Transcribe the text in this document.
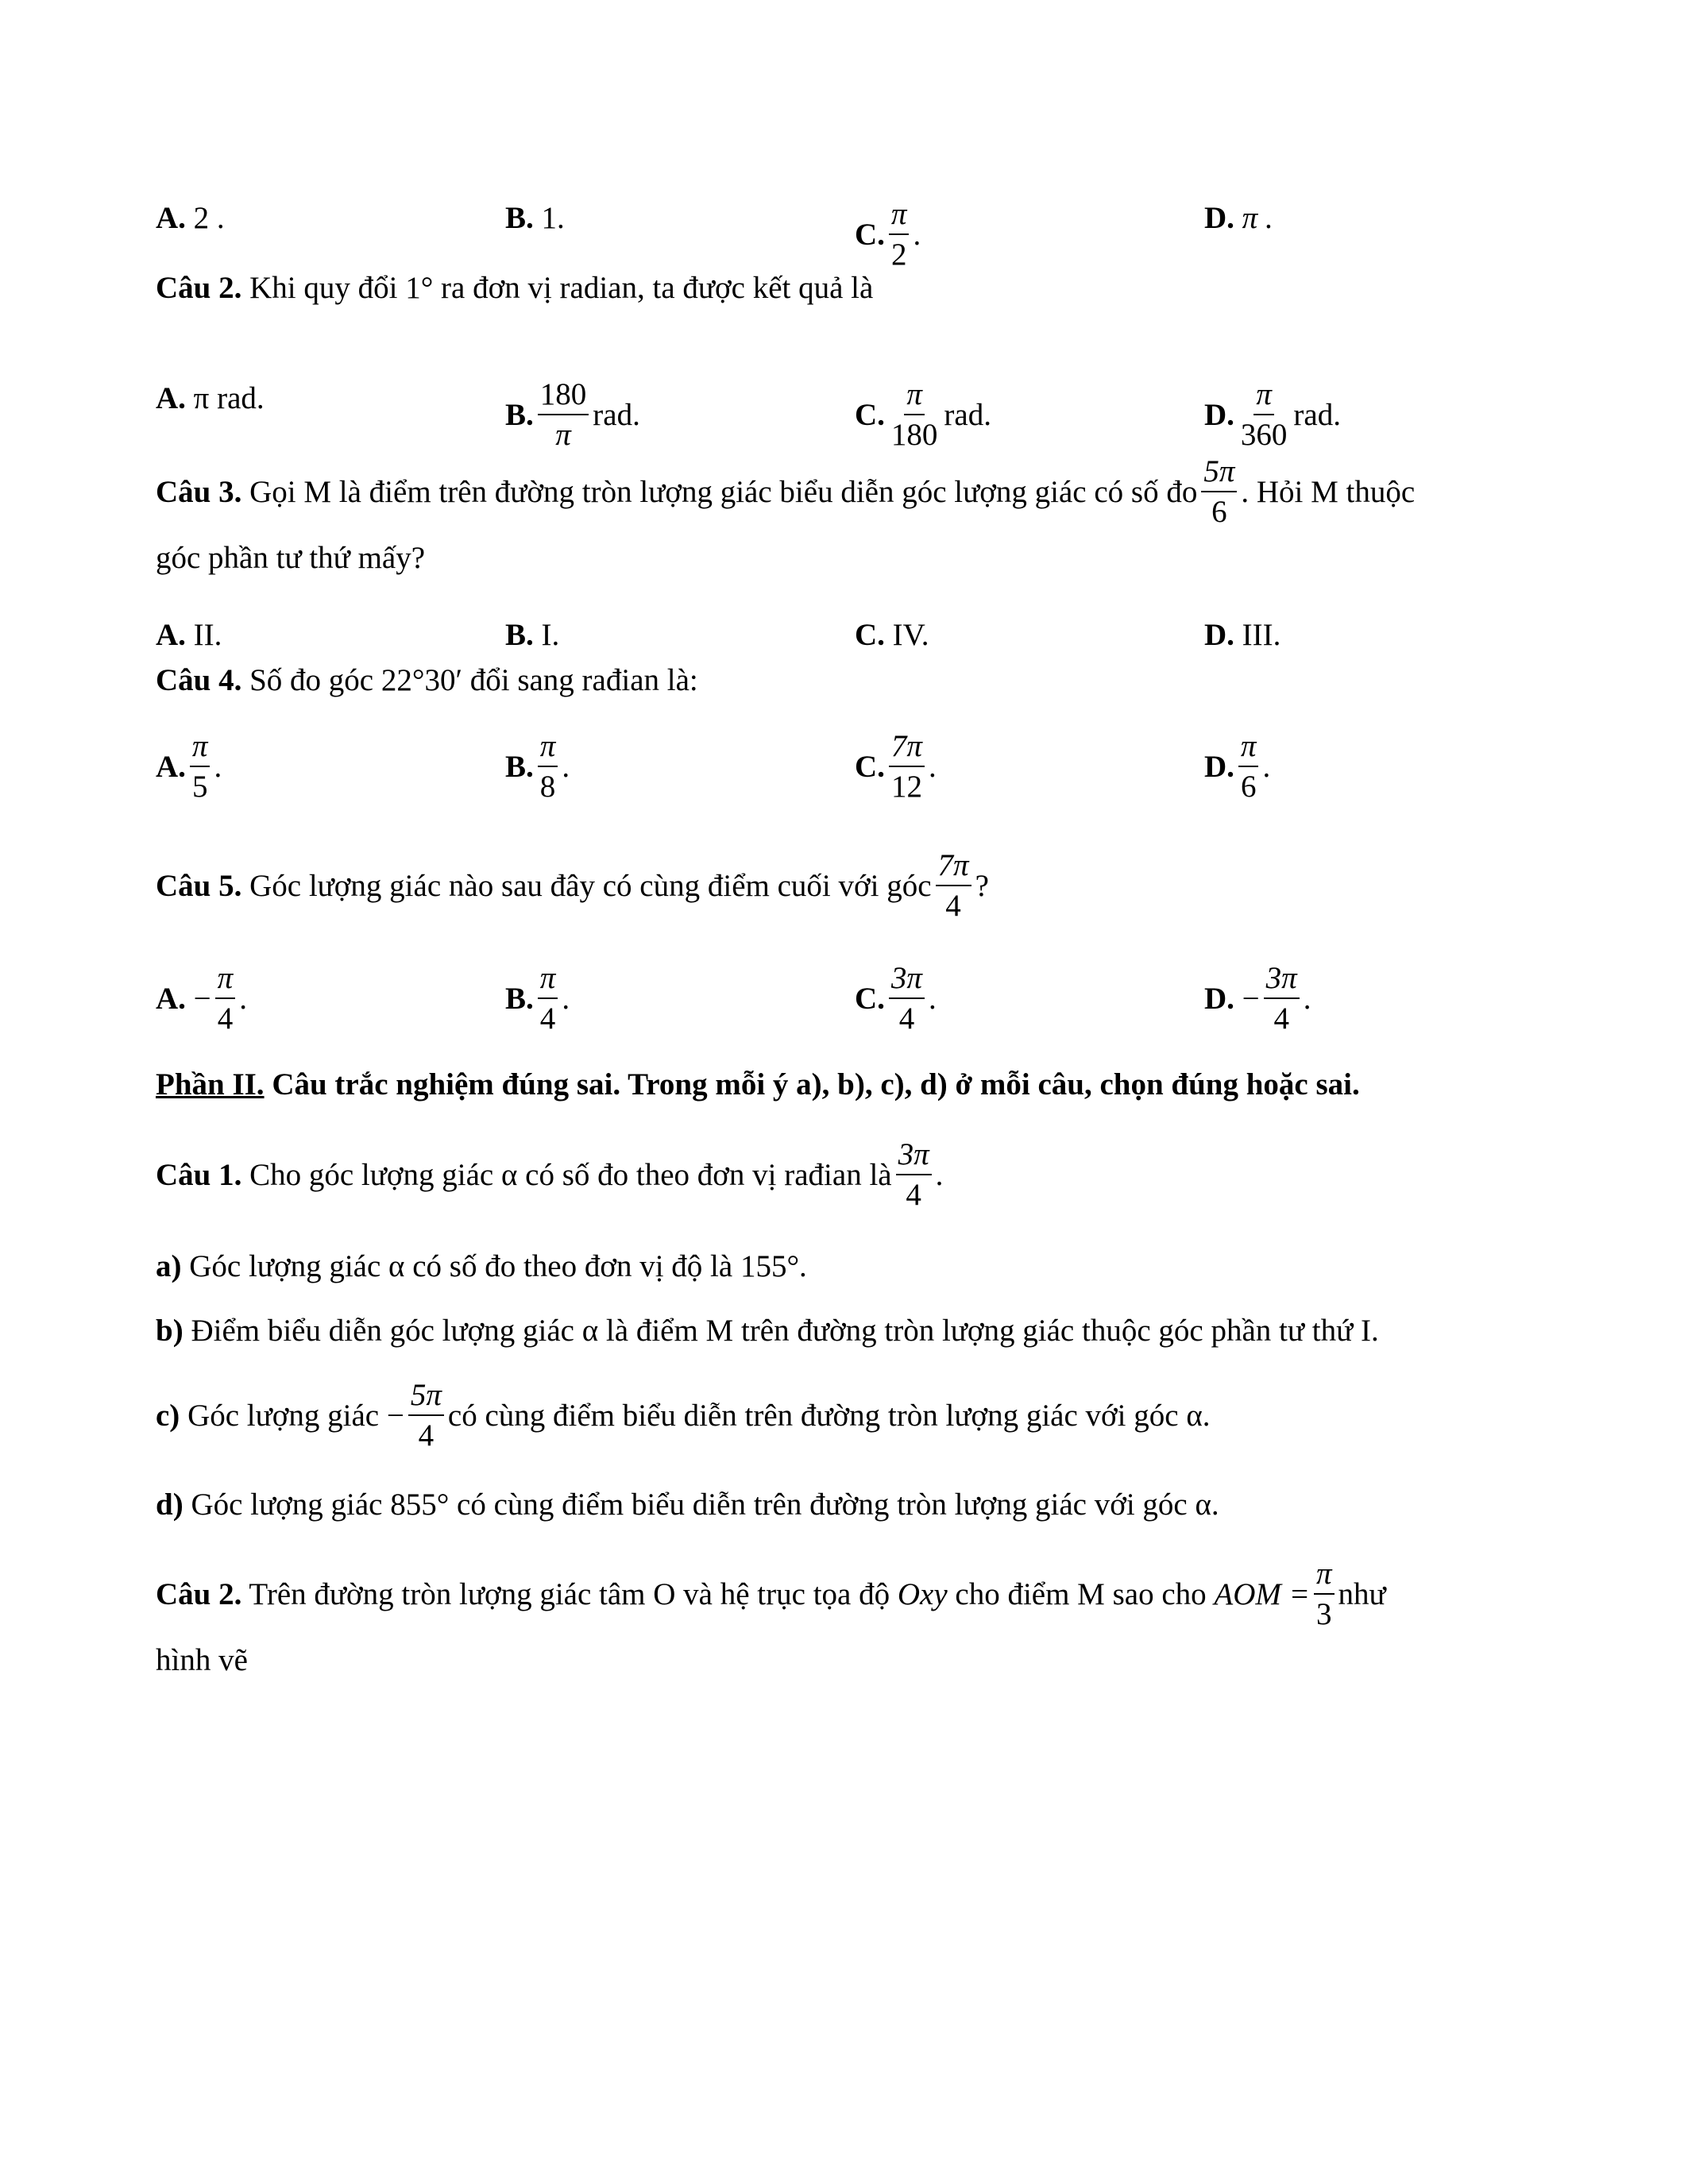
A. 2 .	B. 1.	C. $\frac{\pi}{2}$ .	D. π .
Câu 2. Khi quy đổi 1° ra đơn vị radian, ta được kết quả là
A. π rad.	B. $\frac{180}{\pi}$ rad.	C. $\frac{\pi}{180}$ rad.	D. $\frac{\pi}{360}$ rad.
Câu 3. Gọi M là điểm trên đường tròn lượng giác biểu diễn góc lượng giác có số đo $\frac{5\pi}{6}$ . Hỏi M thuộc
góc phần tư thứ mấy?
A. II.	B. I.	C. IV.	D. III.
Câu 4. Số đo góc 22°30′ đổi sang rađian là:
A. $\frac{\pi}{5}$ .	B. $\frac{\pi}{8}$ .	C. $\frac{7\pi}{12}$ .	D. $\frac{\pi}{6}$ .
Câu 5. Góc lượng giác nào sau đây có cùng điểm cuối với góc $\frac{7\pi}{4}$ ?
A. − $\frac{\pi}{4}$ .	B. $\frac{\pi}{4}$ .	C. $\frac{3\pi}{4}$ .	D. − $\frac{3\pi}{4}$ .
Phần II. Câu trắc nghiệm đúng sai. Trong mỗi ý a), b), c), d) ở mỗi câu, chọn đúng hoặc sai.
Câu 1. Cho góc lượng giác α có số đo theo đơn vị rađian là $\frac{3\pi}{4}$ .
a) Góc lượng giác α có số đo theo đơn vị độ là 155°.
b) Điểm biểu diễn góc lượng giác α là điểm M trên đường tròn lượng giác thuộc góc phần tư thứ I.
c) Góc lượng giác − $\frac{5\pi}{4}$ có cùng điểm biểu diễn trên đường tròn lượng giác với góc α.
d) Góc lượng giác 855° có cùng điểm biểu diễn trên đường tròn lượng giác với góc α.
Câu 2. Trên đường tròn lượng giác tâm O và hệ trục tọa độ Oxy cho điểm M sao cho AOM = $\frac{\pi}{3}$ như
hình vẽ
